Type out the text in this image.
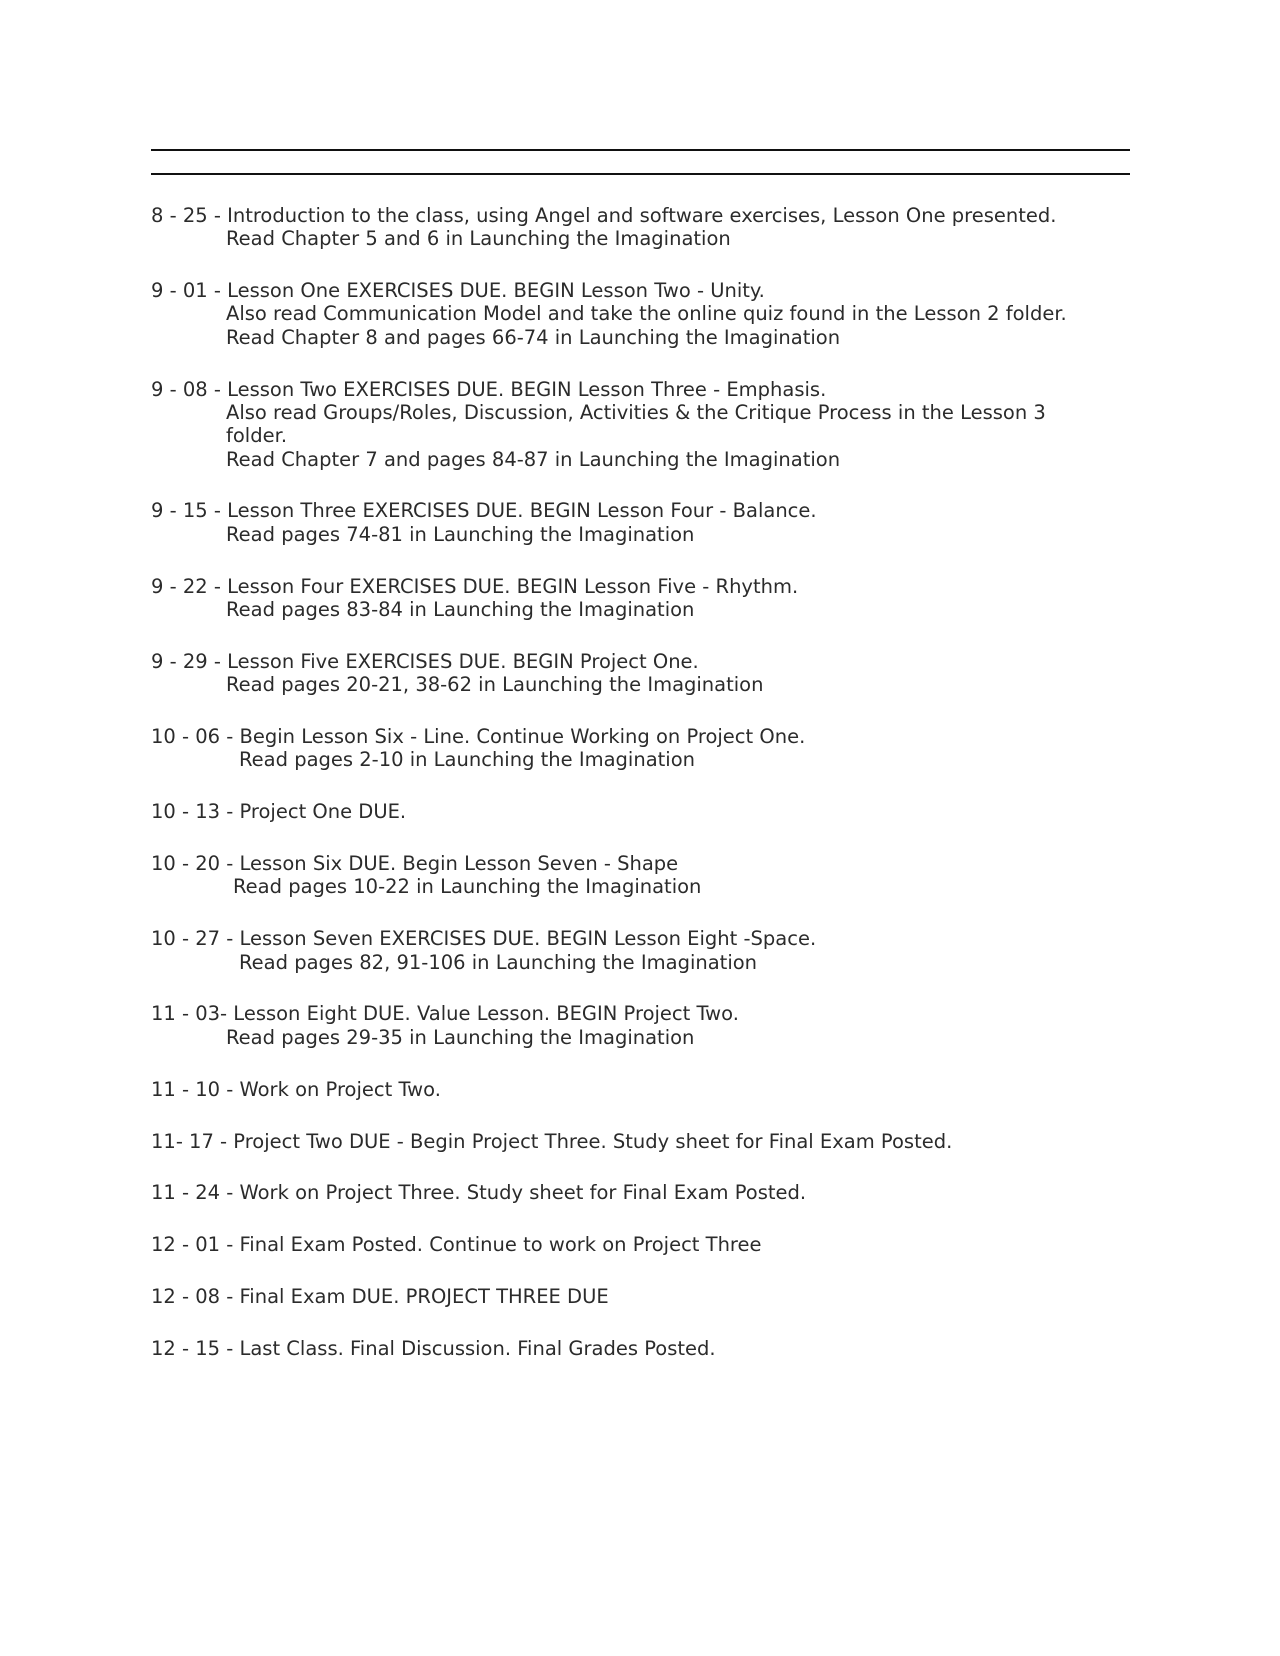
8 - 25 - Introduction to the class, using Angel and software exercises, Lesson One presented.
Read Chapter 5 and 6 in Launching the Imagination
9 - 01 - Lesson One EXERCISES DUE. BEGIN Lesson Two - Unity.
Also read Communication Model and take the online quiz found in the Lesson 2 folder.
Read Chapter 8 and pages 66-74 in Launching the Imagination
9 - 08 - Lesson Two EXERCISES DUE. BEGIN Lesson Three - Emphasis.
Also read Groups/Roles, Discussion, Activities & the Critique Process in the Lesson 3
folder.
Read Chapter 7 and pages 84-87 in Launching the Imagination
9 - 15 - Lesson Three EXERCISES DUE. BEGIN Lesson Four - Balance.
Read pages 74-81 in Launching the Imagination
9 - 22 - Lesson Four EXERCISES DUE. BEGIN Lesson Five - Rhythm.
Read pages 83-84 in Launching the Imagination
9 - 29 - Lesson Five EXERCISES DUE. BEGIN Project One.
Read pages 20-21, 38-62 in Launching the Imagination
10 - 06 - Begin Lesson Six - Line. Continue Working on Project One.
Read pages 2-10 in Launching the Imagination
10 - 13 - Project One DUE.
10 - 20 - Lesson Six DUE. Begin Lesson Seven - Shape
Read pages 10-22 in Launching the Imagination
10 - 27 - Lesson Seven EXERCISES DUE. BEGIN Lesson Eight -Space.
Read pages 82, 91-106 in Launching the Imagination
11 - 03- Lesson Eight DUE. Value Lesson. BEGIN Project Two.
Read pages 29-35 in Launching the Imagination
11 - 10 - Work on Project Two.
11- 17 - Project Two DUE - Begin Project Three. Study sheet for Final Exam Posted.
11 - 24 - Work on Project Three. Study sheet for Final Exam Posted.
12 - 01 - Final Exam Posted. Continue to work on Project Three
12 - 08 - Final Exam DUE. PROJECT THREE DUE
12 - 15 - Last Class. Final Discussion. Final Grades Posted.
